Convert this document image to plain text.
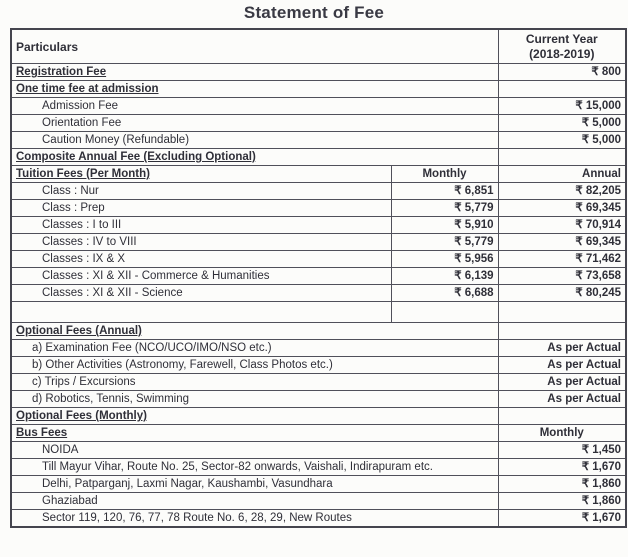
Statement of Fee
Particulars		Current Year
(2018-2019)

Registration Fee		₹ 800
One time fee at admission		
Admission Fee		₹ 15,000
Orientation Fee		₹ 5,000
Caution Money (Refundable)		₹ 5,000
Composite Annual Fee (Excluding Optional)		
Tuition Fees (Per Month)	Monthly	Annual
Class : Nur	₹ 6,851	₹ 82,205
Class : Prep	₹ 5,779	₹ 69,345
Classes : I to III	₹ 5,910	₹ 70,914
Classes : IV to VIII	₹ 5,779	₹ 69,345
Classes : IX & X	₹ 5,956	₹ 71,462
Classes : XI & XII - Commerce & Humanities	₹ 6,139	₹ 73,658
Classes : XI & XII - Science	₹ 6,688	₹ 80,245

Optional Fees (Annual)		
a) Examination Fee (NCO/UCO/IMO/NSO etc.)		As per Actual
b) Other Activities (Astronomy, Farewell, Class Photos etc.)		As per Actual
c) Trips / Excursions		As per Actual
d) Robotics, Tennis, Swimming		As per Actual
Optional Fees (Monthly)		
Bus Fees		Monthly
NOIDA		₹ 1,450
Till Mayur Vihar, Route No. 25, Sector-82 onwards, Vaishali, Indirapuram etc.		₹ 1,670
Delhi, Patparganj, Laxmi Nagar, Kaushambi, Vasundhara		₹ 1,860
Ghaziabad		₹ 1,860
Sector 119, 120, 76, 77, 78 Route No. 6, 28, 29, New Routes		₹ 1,670
